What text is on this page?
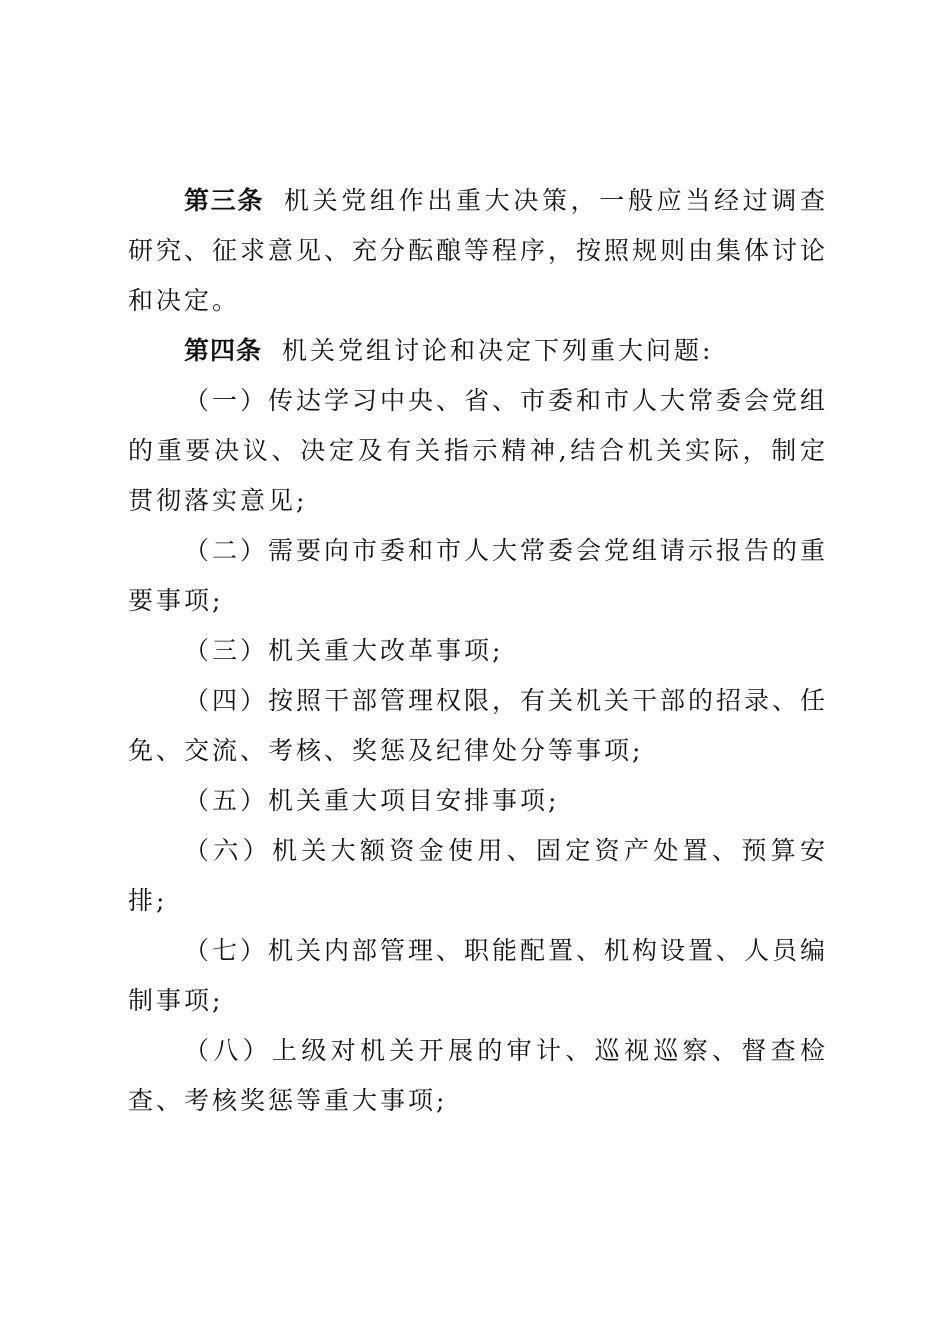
第三条 机关党组作出重大决策，一般应当经过调查研究、征求意见、充分酝酿等程序，按照规则由集体讨论和决定。

第四条 机关党组讨论和决定下列重大问题:

（一）传达学习中央、省、市委和市人大常委会党组的重要决议、决定及有关指示精神,结合机关实际，制定贯彻落实意见;

（二）需要向市委和市人大常委会党组请示报告的重要事项;

（三）机关重大改革事项;

（四）按照干部管理权限，有关机关干部的招录、任免、交流、考核、奖惩及纪律处分等事项;

（五）机关重大项目安排事项;

（六）机关大额资金使用、固定资产处置、预算安排;

（七）机关内部管理、职能配置、机构设置、人员编制事项;

（八）上级对机关开展的审计、巡视巡察、督查检查、考核奖惩等重大事项;
